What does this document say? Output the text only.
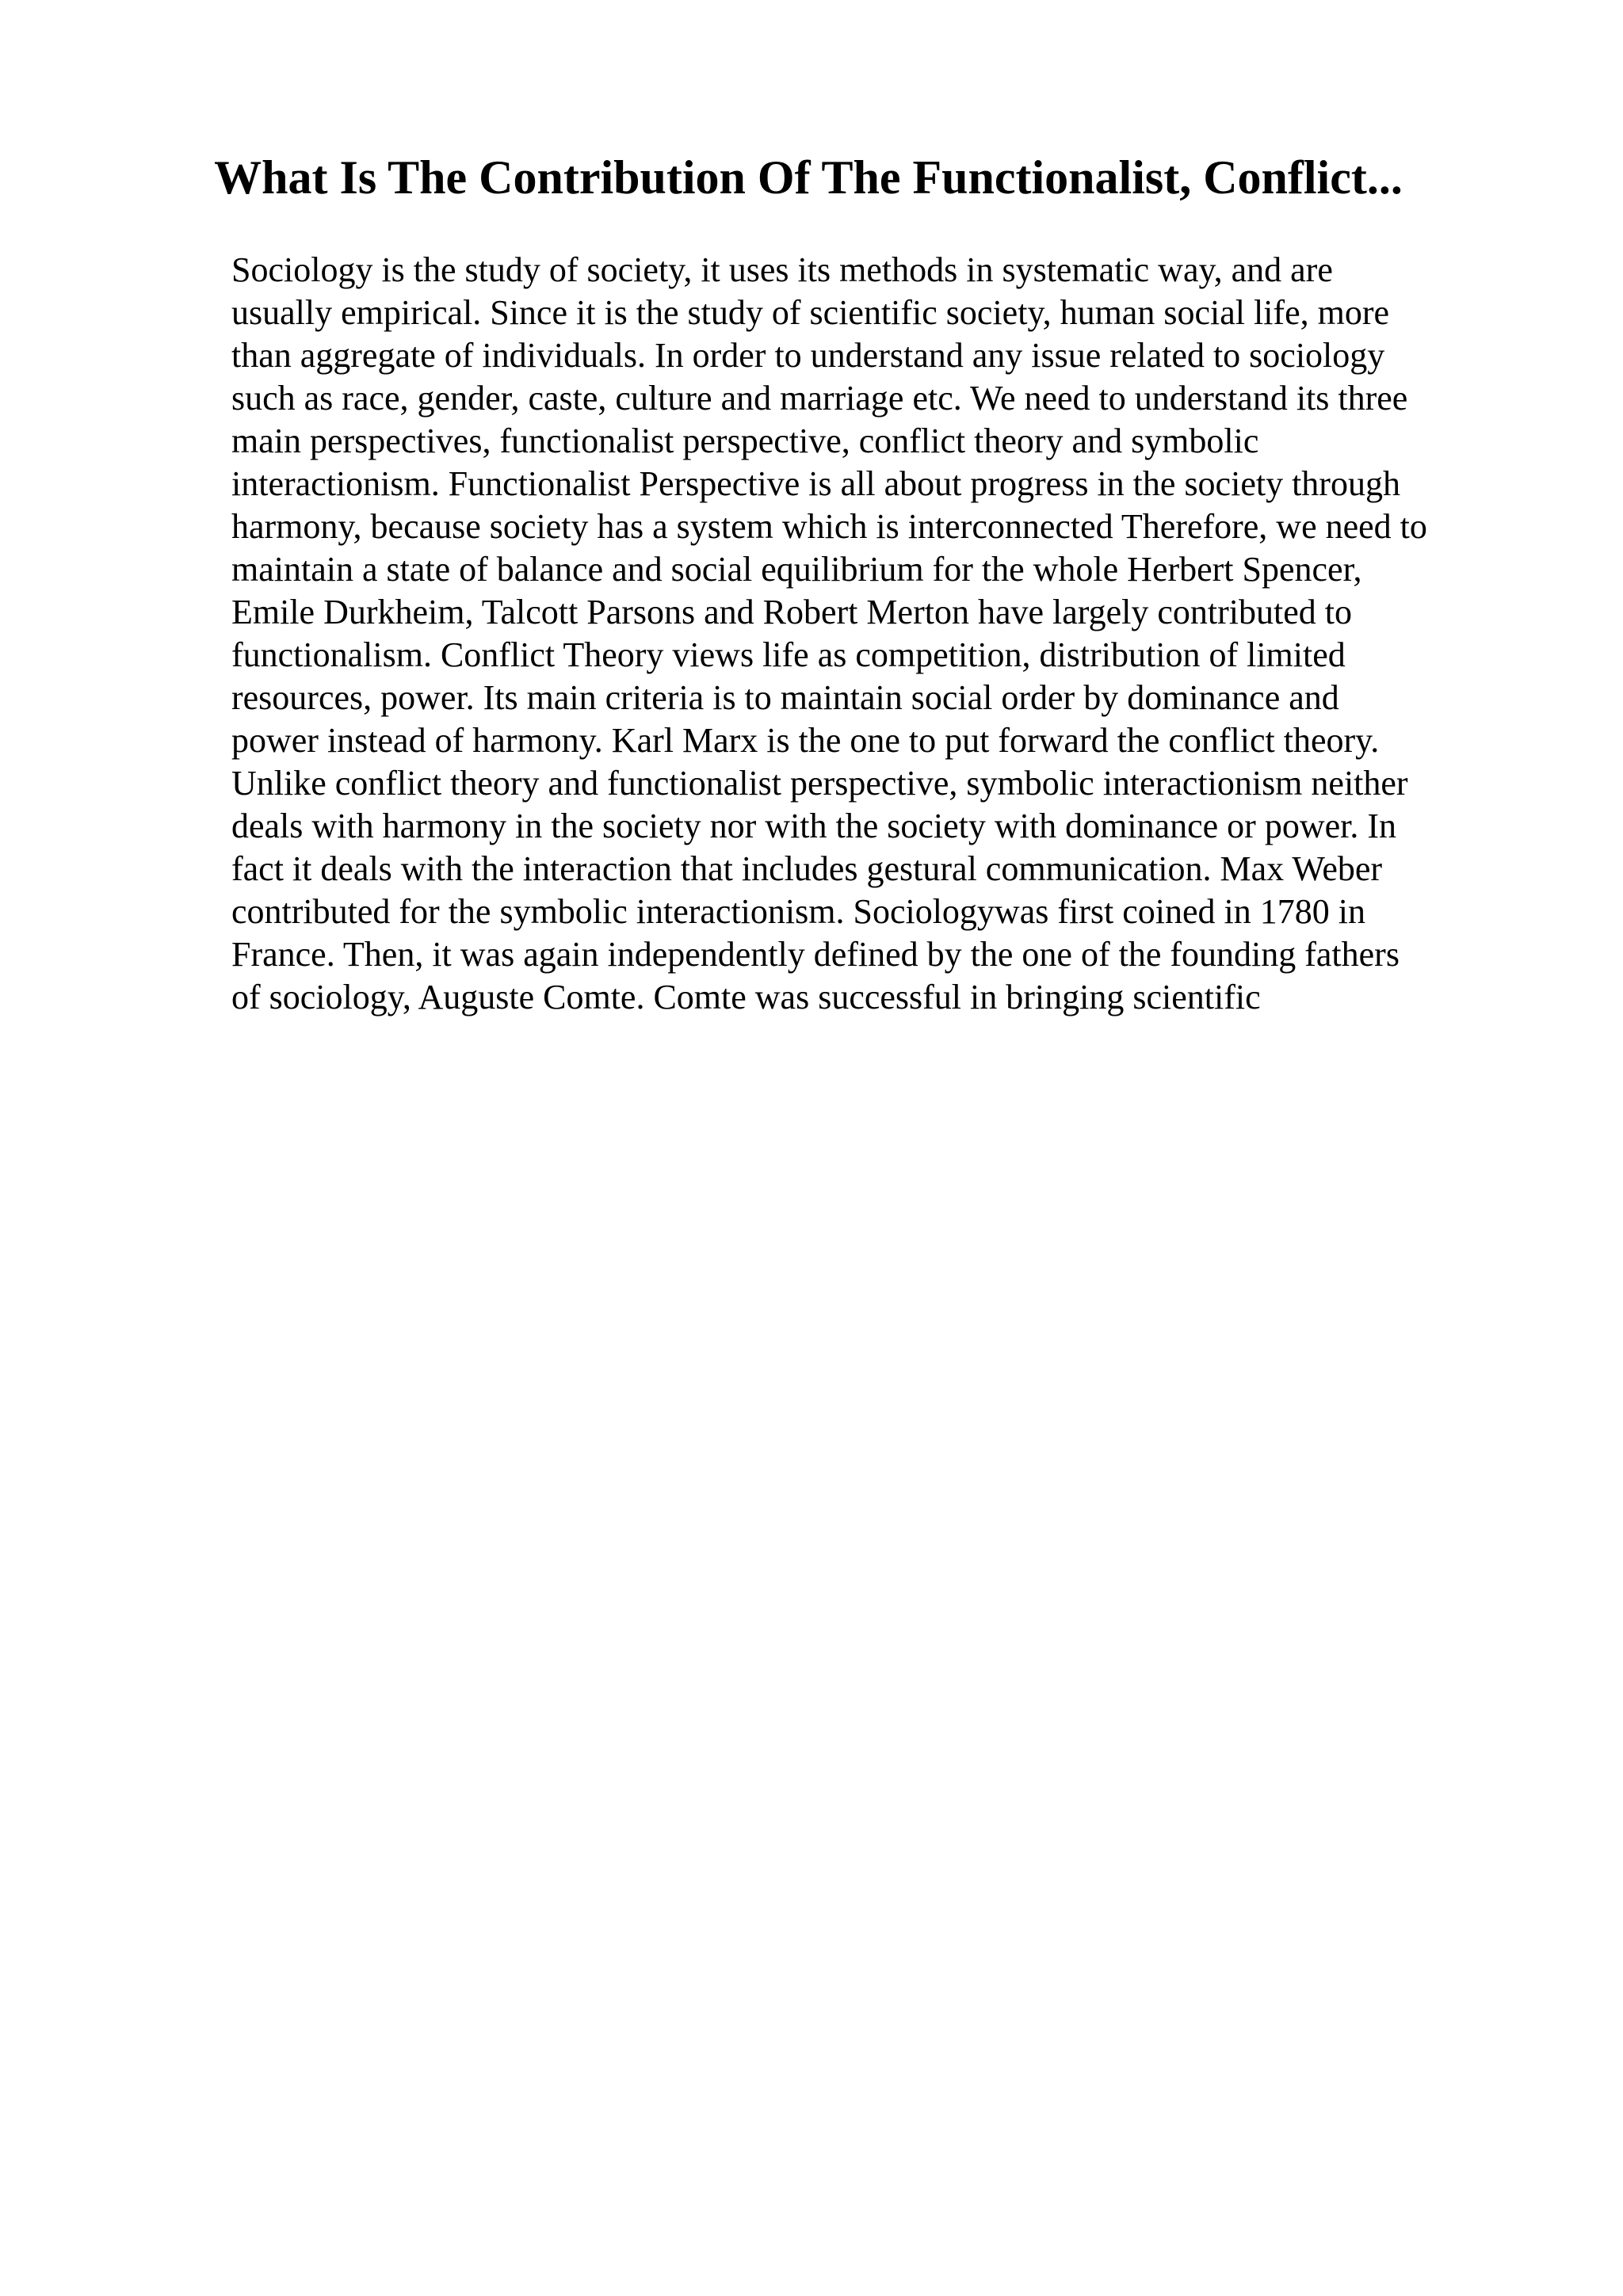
What Is The Contribution Of The Functionalist, Conflict...
Sociology is the study of society, it uses its methods in systematic way, and are
usually empirical. Since it is the study of scientific society, human social life, more
than aggregate of individuals. In order to understand any issue related to sociology
such as race, gender, caste, culture and marriage etc. We need to understand its three
main perspectives, functionalist perspective, conflict theory and symbolic
interactionism. Functionalist Perspective is all about progress in the society through
harmony, because society has a system which is interconnected Therefore, we need to
maintain a state of balance and social equilibrium for the whole Herbert Spencer,
Emile Durkheim, Talcott Parsons and Robert Merton have largely contributed to
functionalism. Conflict Theory views life as competition, distribution of limited
resources, power. Its main criteria is to maintain social order by dominance and
power instead of harmony. Karl Marx is the one to put forward the conflict theory.
Unlike conflict theory and functionalist perspective, symbolic interactionism neither
deals with harmony in the society nor with the society with dominance or power. In
fact it deals with the interaction that includes gestural communication. Max Weber
contributed for the symbolic interactionism. Sociologywas first coined in 1780 in
France. Then, it was again independently defined by the one of the founding fathers
of sociology, Auguste Comte. Comte was successful in bringing scientific
